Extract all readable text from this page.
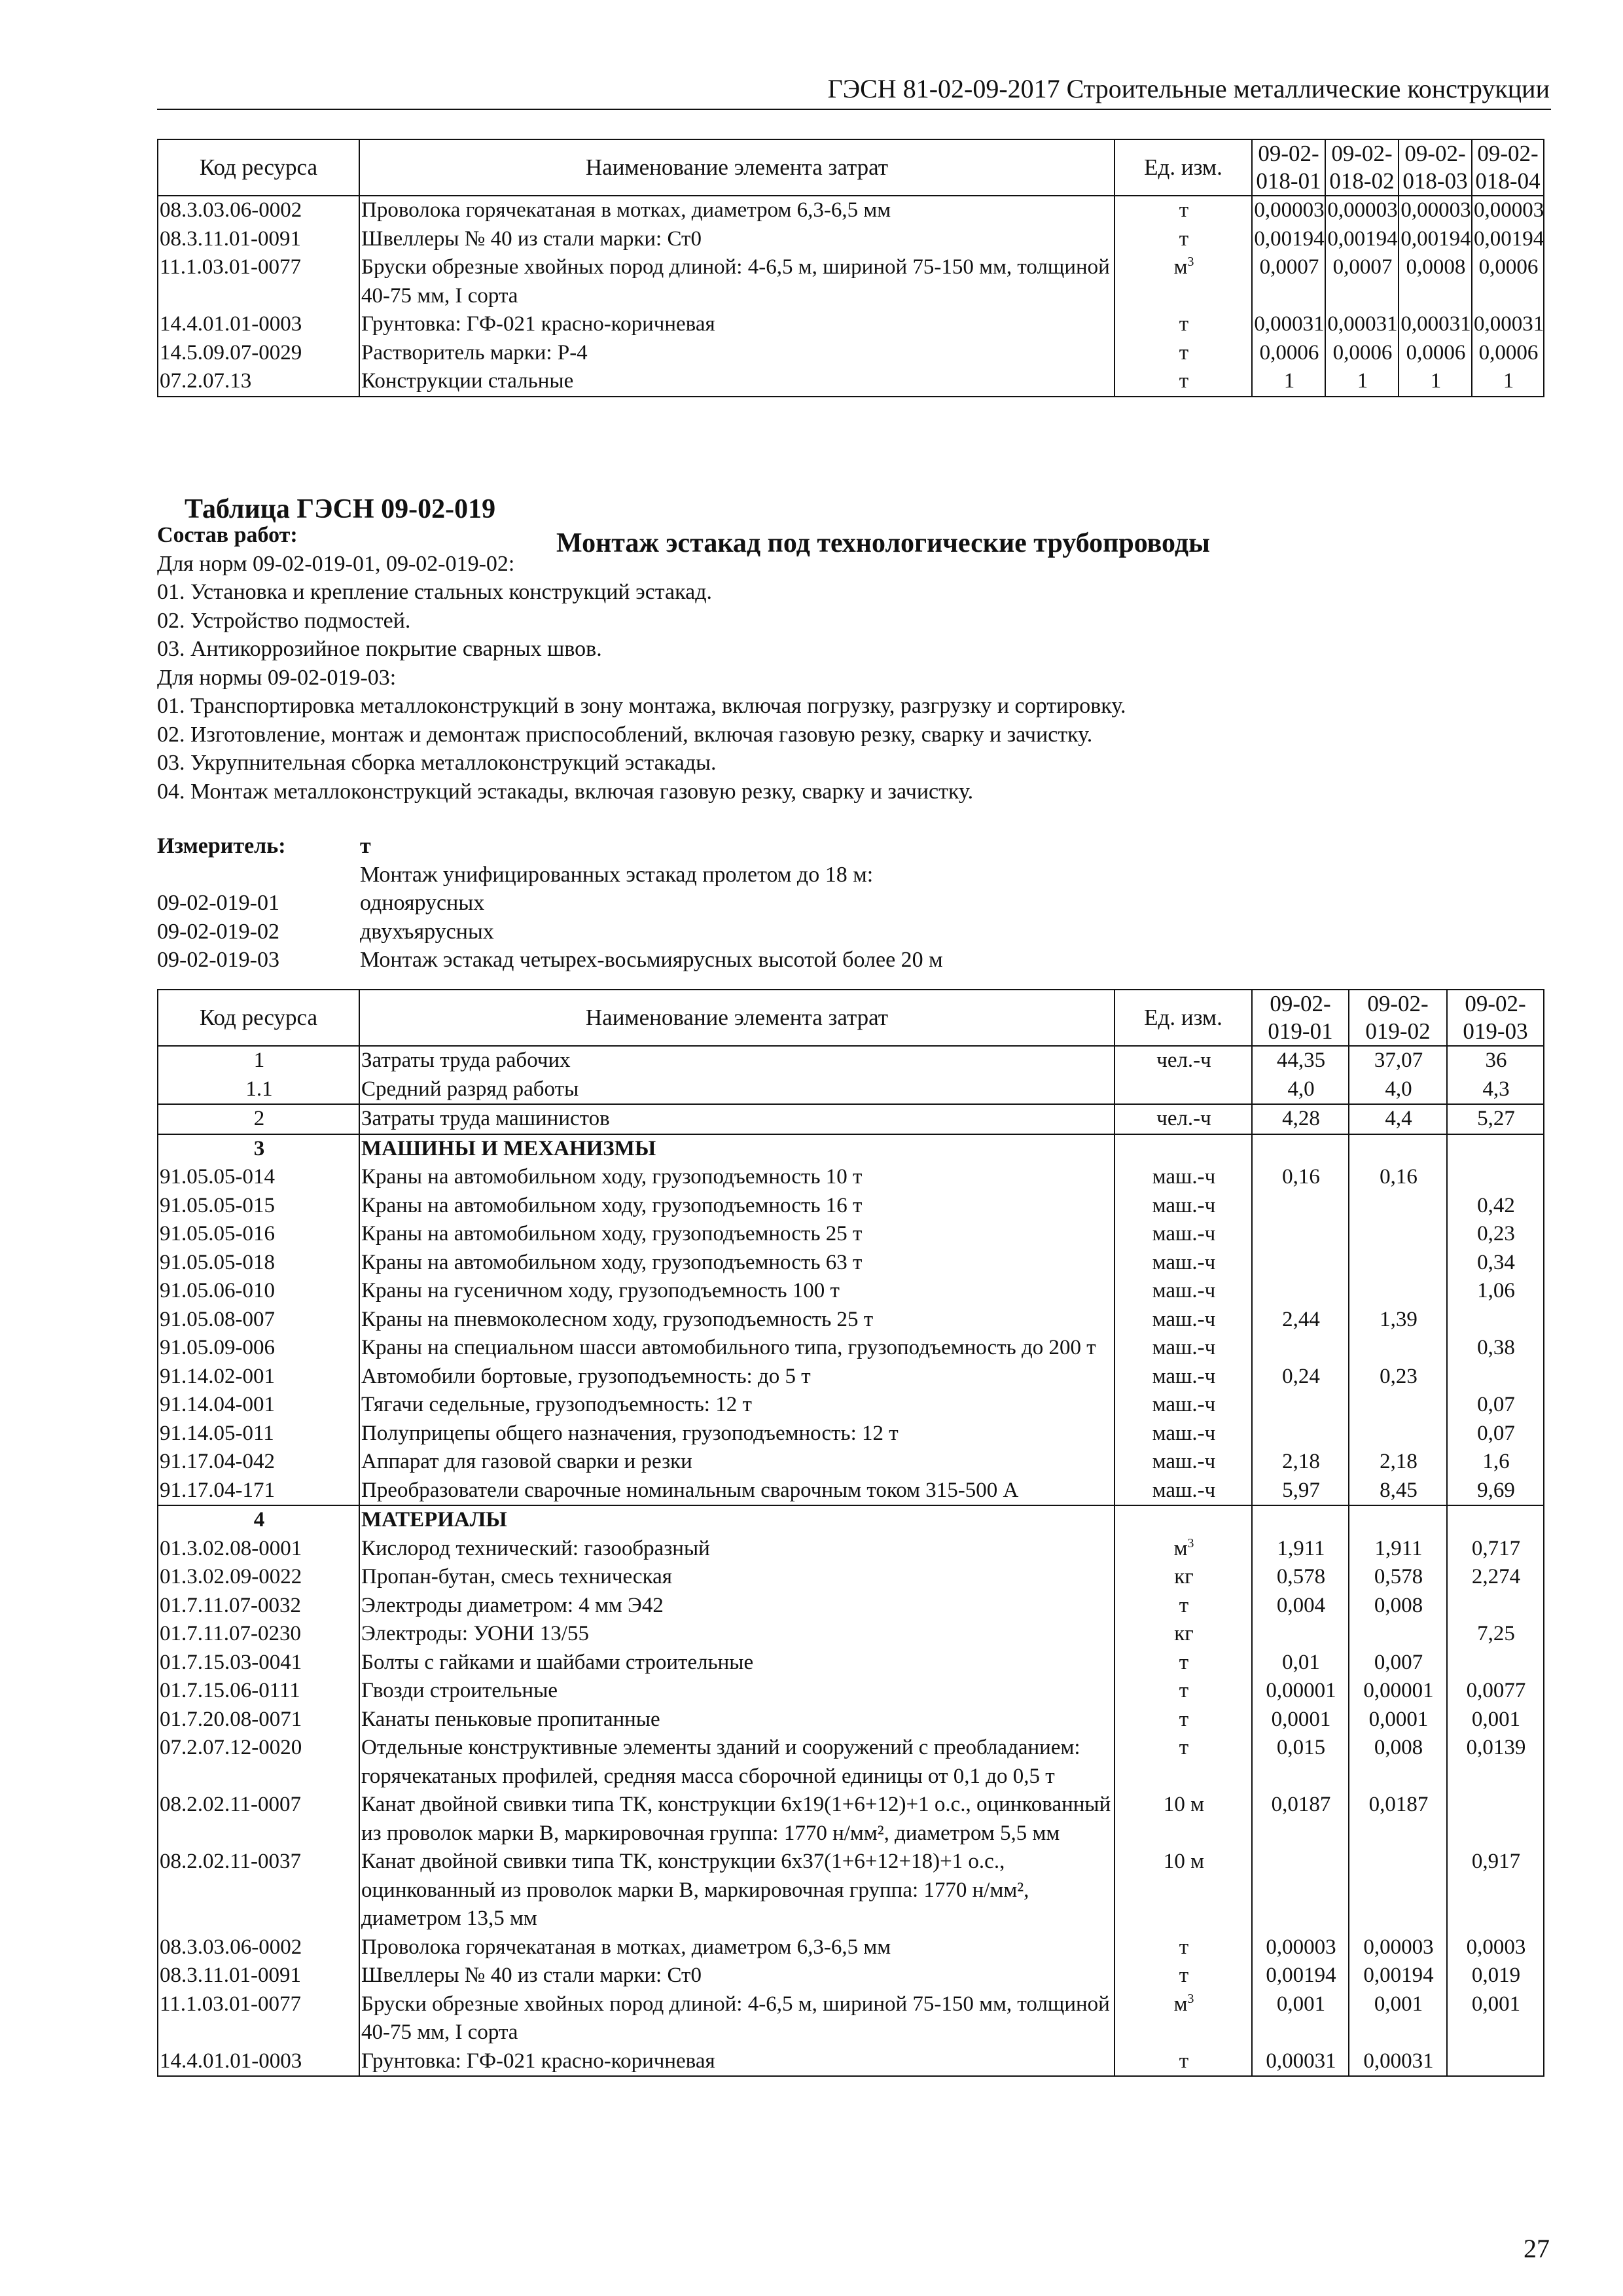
ГЭСН 81-02-09-2017 Строительные металлические конструкции
Код ресурса	Наименование элемента затрат	Ед. изм.	09-02-018-01	09-02-018-02	09-02-018-03	09-02-018-04
08.3.03.06-0002	Проволока горячекатаная в мотках, диаметром 6,3-6,5 мм	т	0,00003	0,00003	0,00003	0,00003
08.3.11.01-0091	Швеллеры № 40 из стали марки: Ст0	т	0,00194	0,00194	0,00194	0,00194
11.1.03.01-0077	Бруски обрезные хвойных пород длиной: 4-6,5 м, шириной 75-150 мм, толщиной 40-75 мм, I сорта	$м^3$	0,0007	0,0007	0,0008	0,0006
14.4.01.01-0003	Грунтовка: ГФ-021 красно-коричневая	т	0,00031	0,00031	0,00031	0,00031
14.5.09.07-0029	Растворитель марки: Р-4	т	0,0006	0,0006	0,0006	0,0006
07.2.07.13	Конструкции стальные	т	1	1	1	1

Таблица ГЭСН 09-02-019

Монтаж эстакад под технологические трубопроводы

Состав работ:
Для норм 09-02-019-01, 09-02-019-02:
01. Установка и крепление стальных конструкций эстакад.
02. Устройство подмостей.
03. Антикоррозийное покрытие сварных швов.
Для нормы 09-02-019-03:
01. Транспортировка металлоконструкций в зону монтажа, включая погрузку, разгрузку и сортировку.
02. Изготовление, монтаж и демонтаж приспособлений, включая газовую резку, сварку и зачистку.
03. Укрупнительная сборка металлоконструкций эстакады.
04. Монтаж металлоконструкций эстакады, включая газовую резку, сварку и зачистку.
Измеритель:	т
Монтаж унифицированных эстакад пролетом до 18 м:
09-02-019-01	одноярусных
09-02-019-02	двухъярусных
09-02-019-03	Монтаж эстакад четырех-восьмиярусных высотой более 20 м
Код ресурса	Наименование элемента затрат	Ед. изм.	09-02-019-01	09-02-019-02	09-02-019-03
1	Затраты труда рабочих	чел.-ч	44,35	37,07	36
1.1	Средний разряд работы		4,0	4,0	4,3
2	Затраты труда машинистов	чел.-ч	4,28	4,4	5,27
3	МАШИНЫ И МЕХАНИЗМЫ				
91.05.05-014	Краны на автомобильном ходу, грузоподъемность 10 т	маш.-ч	0,16	0,16	
91.05.05-015	Краны на автомобильном ходу, грузоподъемность 16 т	маш.-ч			0,42
91.05.05-016	Краны на автомобильном ходу, грузоподъемность 25 т	маш.-ч			0,23
91.05.05-018	Краны на автомобильном ходу, грузоподъемность 63 т	маш.-ч			0,34
91.05.06-010	Краны на гусеничном ходу, грузоподъемность 100 т	маш.-ч			1,06
91.05.08-007	Краны на пневмоколесном ходу, грузоподъемность 25 т	маш.-ч	2,44	1,39	
91.05.09-006	Краны на специальном шасси автомобильного типа, грузоподъемность до 200 т	маш.-ч			0,38
91.14.02-001	Автомобили бортовые, грузоподъемность: до 5 т	маш.-ч	0,24	0,23	
91.14.04-001	Тягачи седельные, грузоподъемность: 12 т	маш.-ч			0,07
91.14.05-011	Полуприцепы общего назначения, грузоподъемность: 12 т	маш.-ч			0,07
91.17.04-042	Аппарат для газовой сварки и резки	маш.-ч	2,18	2,18	1,6
91.17.04-171	Преобразователи сварочные номинальным сварочным током 315-500 А	маш.-ч	5,97	8,45	9,69
4	МАТЕРИАЛЫ				
01.3.02.08-0001	Кислород технический: газообразный	$м^3$	1,911	1,911	0,717
01.3.02.09-0022	Пропан-бутан, смесь техническая	кг	0,578	0,578	2,274
01.7.11.07-0032	Электроды диаметром: 4 мм Э42	т	0,004	0,008	
01.7.11.07-0230	Электроды: УОНИ 13/55	кг			7,25
01.7.15.03-0041	Болты с гайками и шайбами строительные	т	0,01	0,007	
01.7.15.06-0111	Гвозди строительные	т	0,00001	0,00001	0,0077
01.7.20.08-0071	Канаты пеньковые пропитанные	т	0,0001	0,0001	0,001
07.2.07.12-0020	Отдельные конструктивные элементы зданий и сооружений с преобладанием: горячекатаных профилей, средняя масса сборочной единицы от 0,1 до 0,5 т	т	0,015	0,008	0,0139
08.2.02.11-0007	Канат двойной свивки типа ТК, конструкции 6х19(1+6+12)+1 о.с., оцинкованный из проволок марки В, маркировочная группа: 1770 н/мм², диаметром 5,5 мм	10 м	0,0187	0,0187	
08.2.02.11-0037	Канат двойной свивки типа ТК, конструкции 6х37(1+6+12+18)+1 о.с., оцинкованный из проволок марки В, маркировочная группа: 1770 н/мм², диаметром 13,5 мм	10 м			0,917
08.3.03.06-0002	Проволока горячекатаная в мотках, диаметром 6,3-6,5 мм	т	0,00003	0,00003	0,0003
08.3.11.01-0091	Швеллеры № 40 из стали марки: Ст0	т	0,00194	0,00194	0,019
11.1.03.01-0077	Бруски обрезные хвойных пород длиной: 4-6,5 м, шириной 75-150 мм, толщиной 40-75 мм, I сорта	$м^3$	0,001	0,001	0,001
14.4.01.01-0003	Грунтовка: ГФ-021 красно-коричневая	т	0,00031	0,00031	
27
